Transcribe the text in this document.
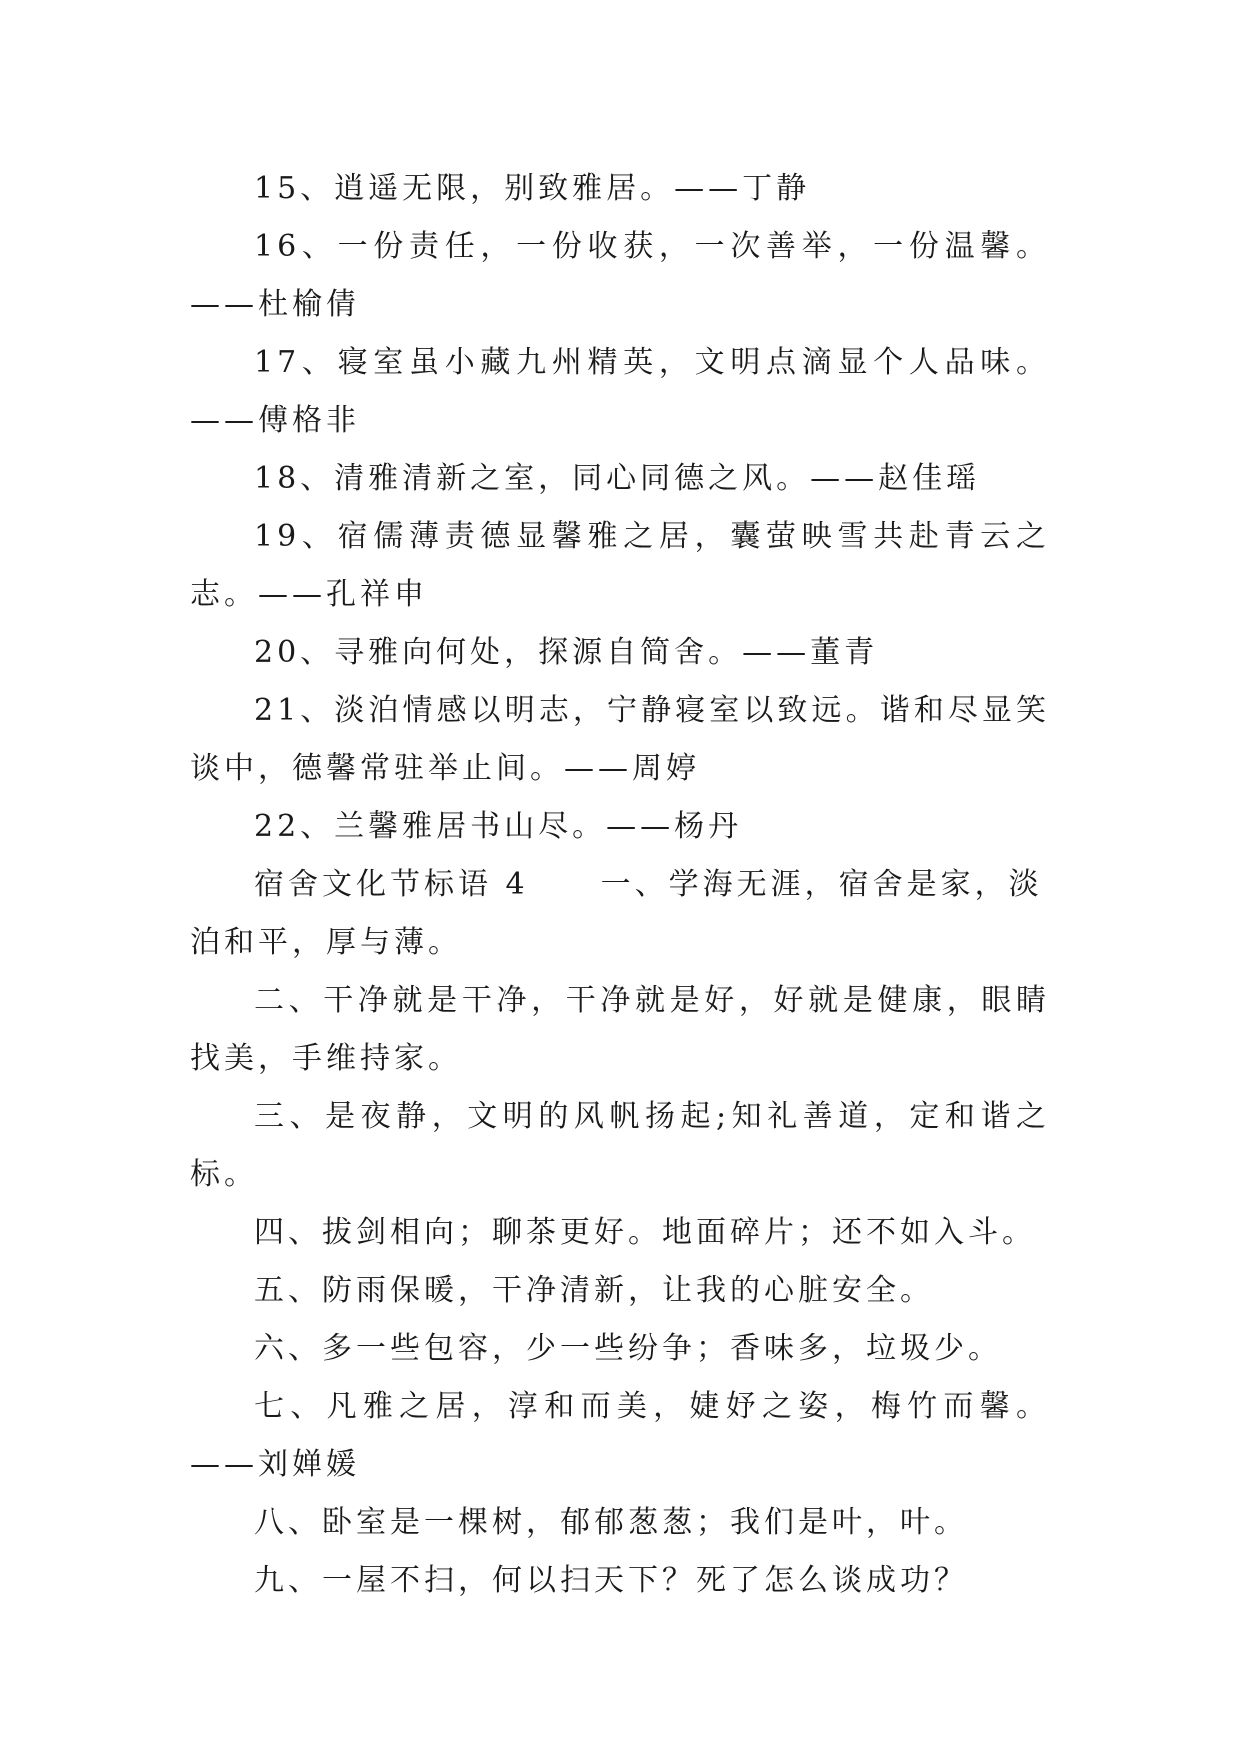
15、逍遥无限，别致雅居。——丁静

16、一份责任，一份收获，一次善举，一份温馨。——杜榆倩

17、寝室虽小藏九州精英，文明点滴显个人品味。——傅格非

18、清雅清新之室，同心同德之风。——赵佳瑶

19、宿儒薄责德显馨雅之居，囊萤映雪共赴青云之志。——孔祥申

20、寻雅向何处，探源自简舍。——董青

21、淡泊情感以明志，宁静寝室以致远。谐和尽显笑谈中，德馨常驻举止间。——周婷

22、兰馨雅居书山尽。——杨丹

宿舍文化节标语 4 一、学海无涯，宿舍是家，淡泊和平，厚与薄。

二、干净就是干净，干净就是好，好就是健康，眼睛找美，手维持家。

三、是夜静，文明的风帆扬起;知礼善道，定和谐之标。

四、拔剑相向；聊茶更好。地面碎片；还不如入斗。

五、防雨保暖，干净清新，让我的心脏安全。

六、多一些包容，少一些纷争；香味多，垃圾少。

七、凡雅之居，淳和而美，婕妤之姿，梅竹而馨。——刘婵媛

八、卧室是一棵树，郁郁葱葱；我们是叶，叶。

九、一屋不扫，何以扫天下？死了怎么谈成功？
